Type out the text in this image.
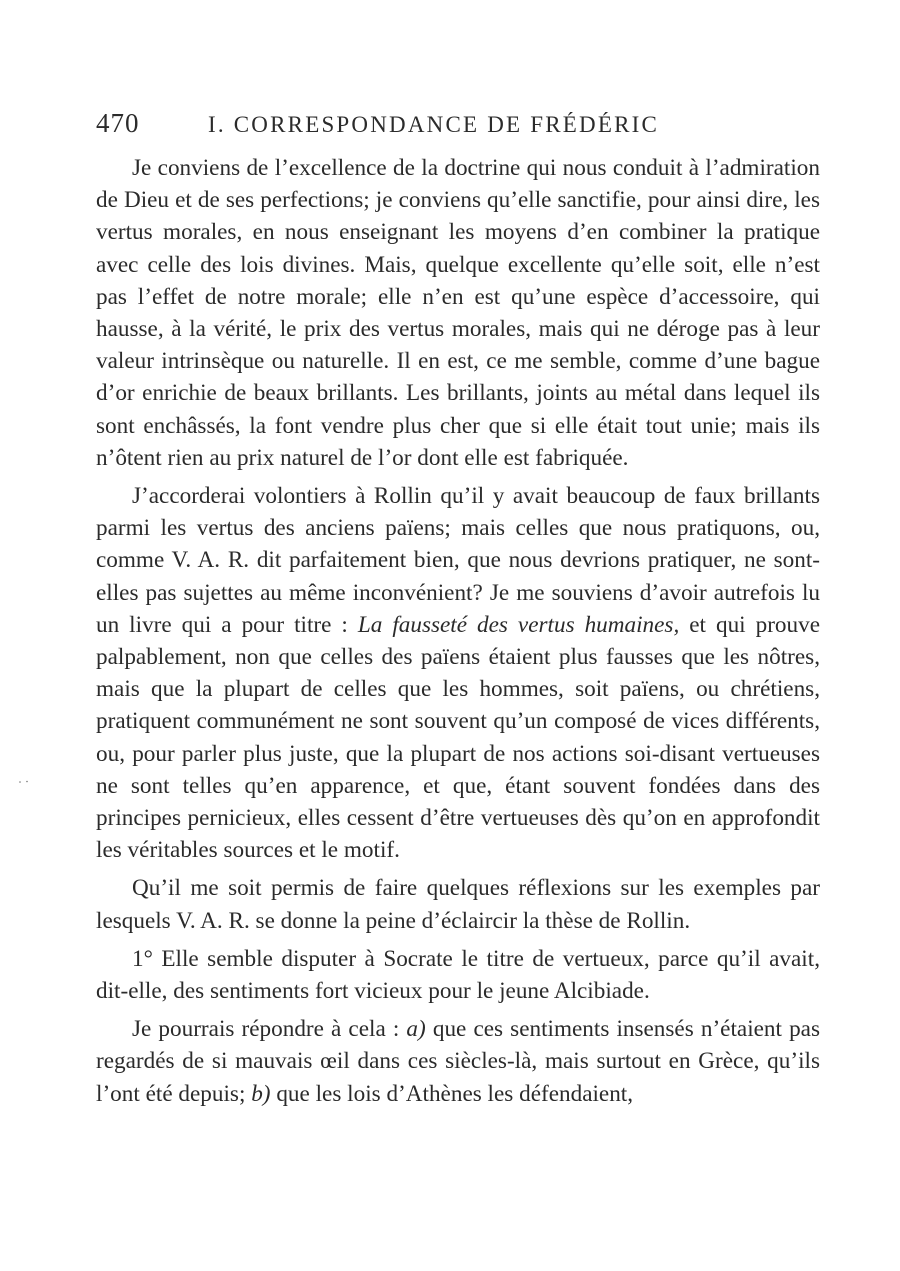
470	I. CORRESPONDANCE DE FRÉDÉRIC

Je conviens de l’excellence de la doctrine qui nous conduit à l’admiration de Dieu et de ses perfections; je conviens qu’elle sanctifie, pour ainsi dire, les vertus morales, en nous enseignant les moyens d’en combiner la pratique avec celle des lois divines. Mais, quelque excellente qu’elle soit, elle n’est pas l’effet de notre morale; elle n’en est qu’une espèce d’accessoire, qui hausse, à la vérité, le prix des vertus morales, mais qui ne déroge pas à leur valeur intrinsèque ou naturelle. Il en est, ce me semble, comme d’une bague d’or enrichie de beaux brillants. Les brillants, joints au métal dans lequel ils sont enchâssés, la font vendre plus cher que si elle était tout unie; mais ils n’ôtent rien au prix naturel de l’or dont elle est fabriquée.

J’accorderai volontiers à Rollin qu’il y avait beaucoup de faux brillants parmi les vertus des anciens païens; mais celles que nous pratiquons, ou, comme V. A. R. dit parfaitement bien, que nous devrions pratiquer, ne sont-elles pas sujettes au même inconvénient? Je me souviens d’avoir autrefois lu un livre qui a pour titre : La fausseté des vertus humaines, et qui prouve palpablement, non que celles des païens étaient plus fausses que les nôtres, mais que la plupart de celles que les hommes, soit païens, ou chrétiens, pratiquent communément ne sont souvent qu’un composé de vices différents, ou, pour parler plus juste, que la plupart de nos actions soi-disant vertueuses ne sont telles qu’en apparence, et que, étant souvent fondées dans des principes pernicieux, elles cessent d’être vertueuses dès qu’on en approfondit les véritables sources et le motif.

Qu’il me soit permis de faire quelques réflexions sur les exemples par lesquels V. A. R. se donne la peine d’éclaircir la thèse de Rollin.

1° Elle semble disputer à Socrate le titre de vertueux, parce qu’il avait, dit-elle, des sentiments fort vicieux pour le jeune Alcibiade.

Je pourrais répondre à cela : a) que ces sentiments insensés n’étaient pas regardés de si mauvais œil dans ces siècles-là, mais surtout en Grèce, qu’ils l’ont été depuis; b) que les lois d’Athènes les défendaient,
